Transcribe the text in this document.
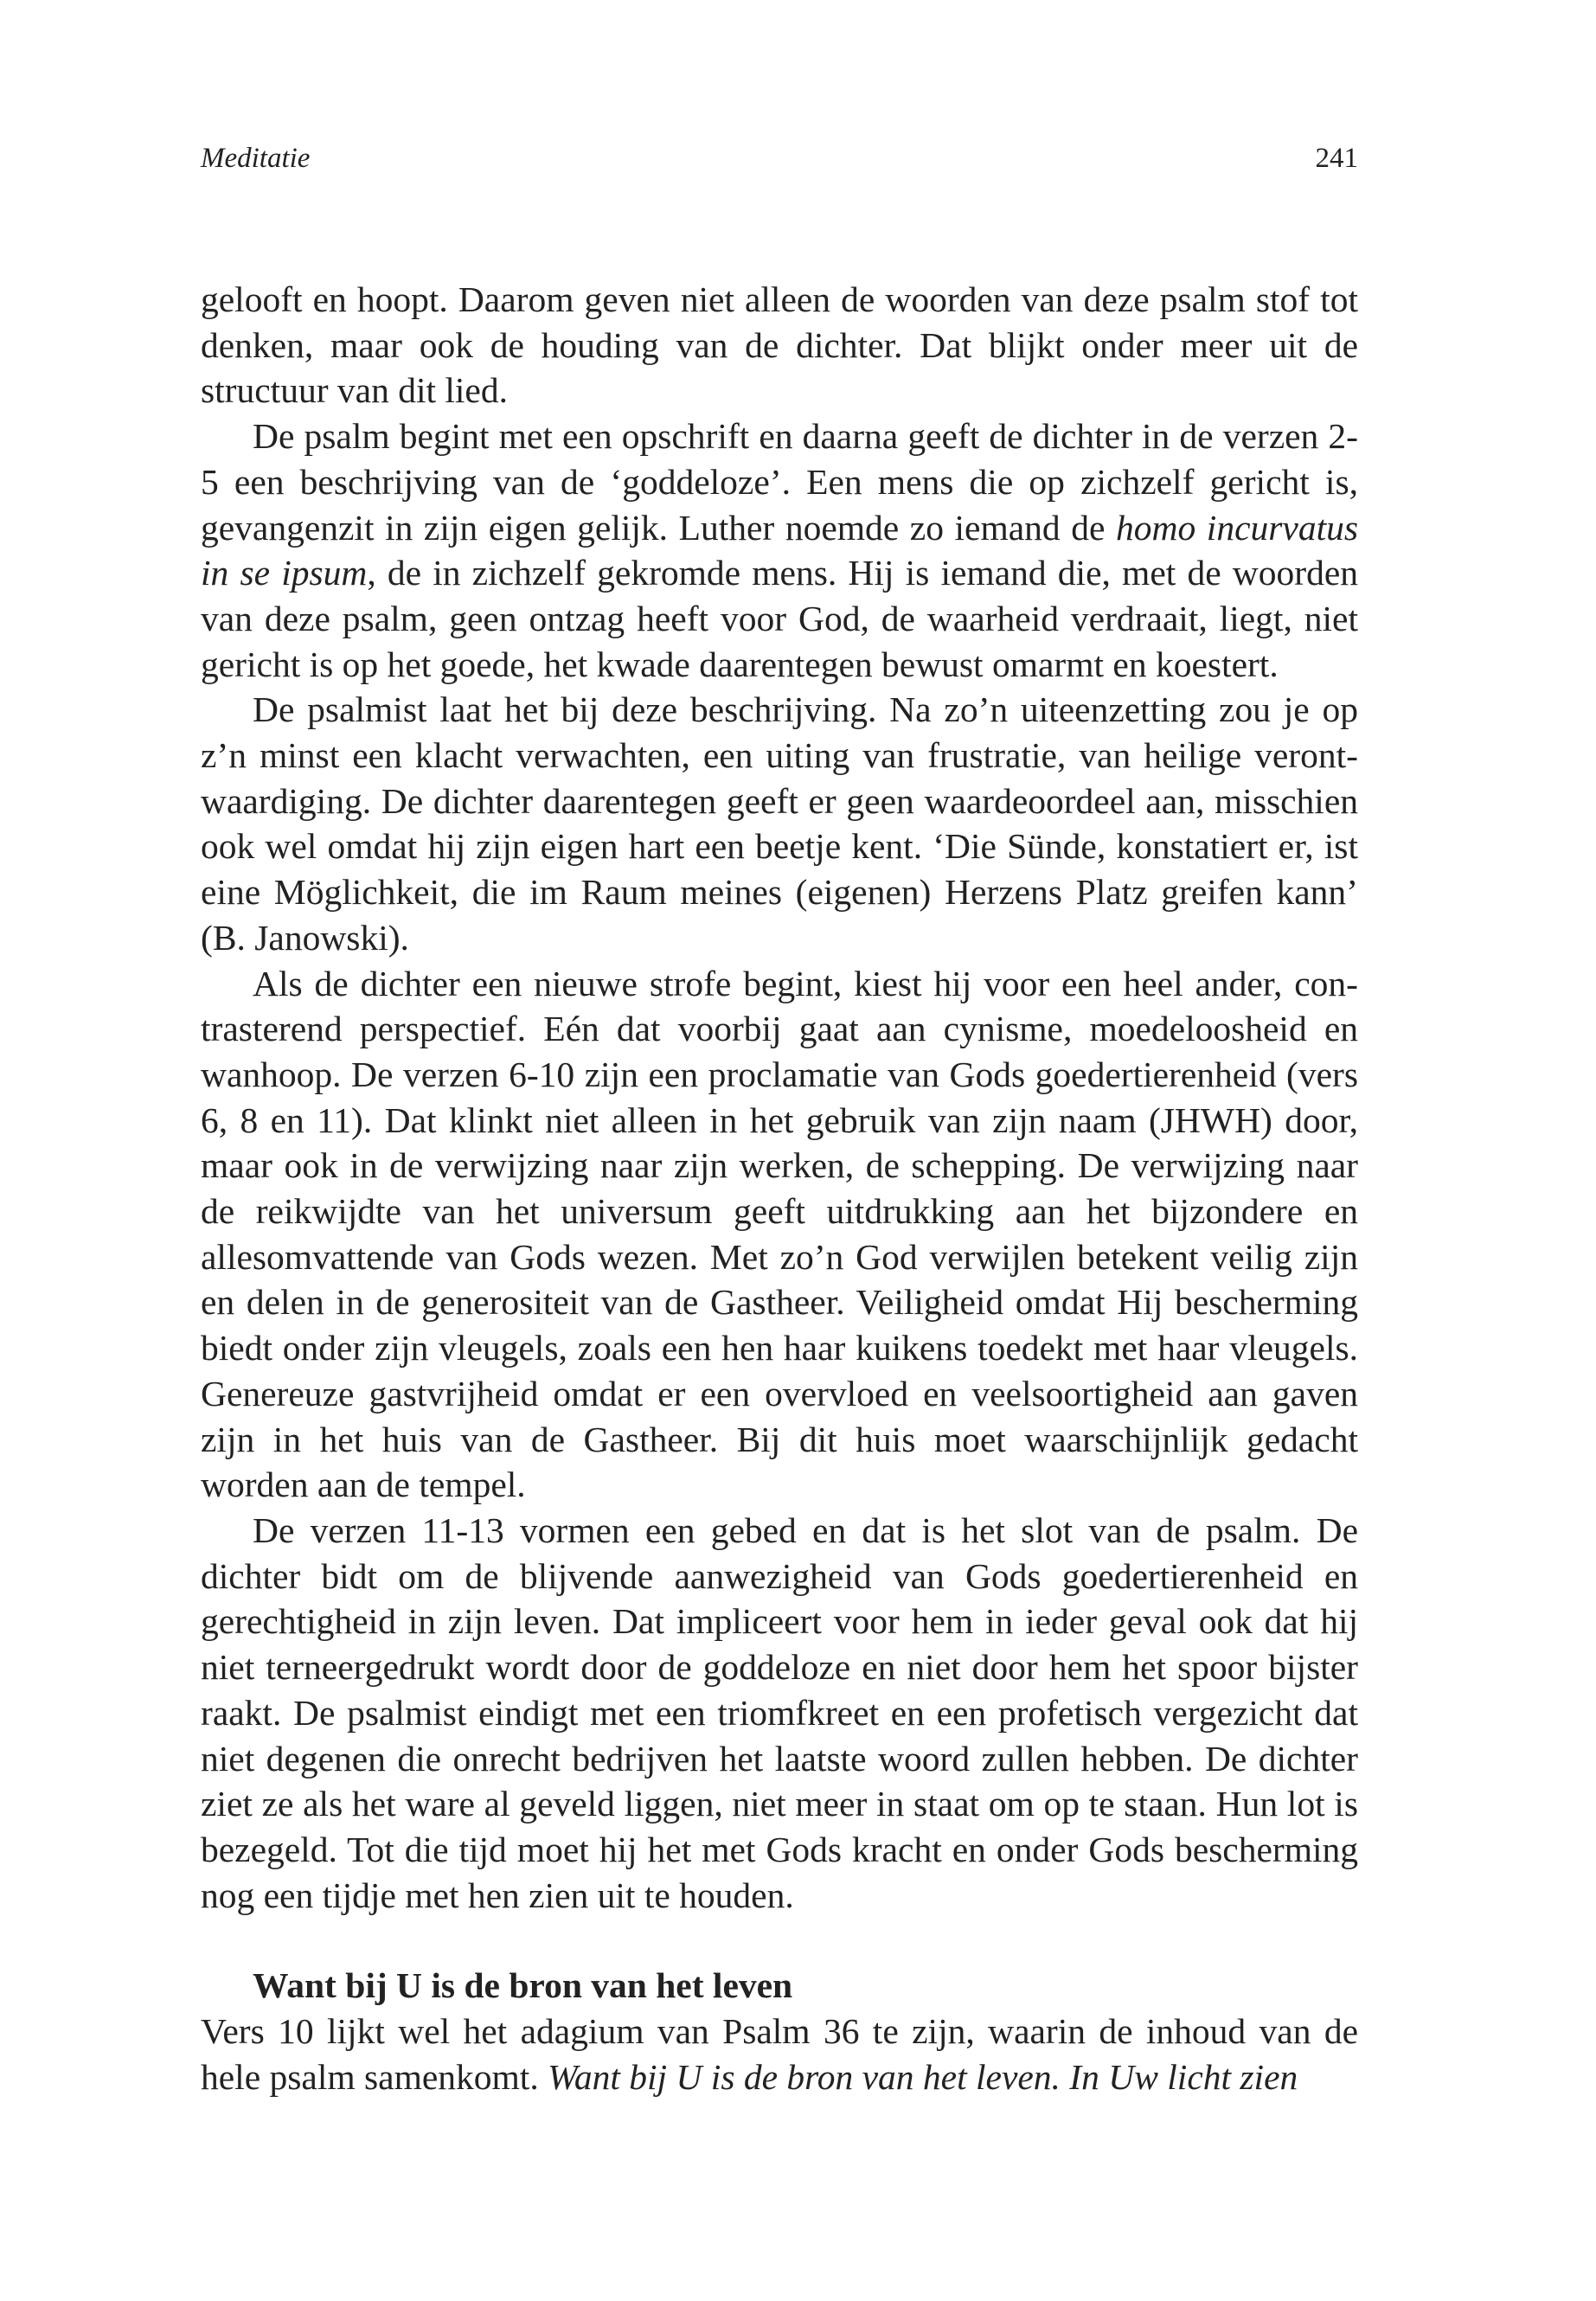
Meditatie	241

gelooft en hoopt. Daarom geven niet alleen de woorden van deze psalm stof tot denken, maar ook de houding van de dichter. Dat blijkt onder meer uit de structuur van dit lied.

De psalm begint met een opschrift en daarna geeft de dichter in de verzen 2-5 een beschrijving van de ‘goddeloze’. Een mens die op zichzelf gericht is, gevangenzit in zijn eigen gelijk. Luther noemde zo iemand de homo incurvatus in se ipsum, de in zichzelf gekromde mens. Hij is iemand die, met de woorden van deze psalm, geen ontzag heeft voor God, de waarheid verdraait, liegt, niet gericht is op het goede, het kwade daarentegen bewust omarmt en koestert.

De psalmist laat het bij deze beschrijving. Na zo’n uiteenzetting zou je op z’n minst een klacht verwachten, een uiting van frustratie, van heilige verontwaardiging. De dichter daarentegen geeft er geen waardeoordeel aan, misschien ook wel omdat hij zijn eigen hart een beetje kent. ‘Die Sünde, konstatiert er, ist eine Möglichkeit, die im Raum meines (eigenen) Herzens Platz greifen kann’ (B. Janowski).

Als de dichter een nieuwe strofe begint, kiest hij voor een heel ander, contrasterend perspectief. Eén dat voorbij gaat aan cynisme, moedeloosheid en wanhoop. De verzen 6-10 zijn een proclamatie van Gods goedertierenheid (vers 6, 8 en 11). Dat klinkt niet alleen in het gebruik van zijn naam (JHWH) door, maar ook in de verwijzing naar zijn werken, de schepping. De verwijzing naar de reikwijdte van het universum geeft uitdrukking aan het bijzondere en allesomvattende van Gods wezen. Met zo’n God verwijlen betekent veilig zijn en delen in de generositeit van de Gastheer. Veiligheid omdat Hij bescherming biedt onder zijn vleugels, zoals een hen haar kuikens toedekt met haar vleugels. Genereuze gastvrijheid omdat er een overvloed en veelsoortigheid aan gaven zijn in het huis van de Gastheer. Bij dit huis moet waarschijnlijk gedacht worden aan de tempel.

De verzen 11-13 vormen een gebed en dat is het slot van de psalm. De dichter bidt om de blijvende aanwezigheid van Gods goedertierenheid en gerechtigheid in zijn leven. Dat impliceert voor hem in ieder geval ook dat hij niet terneergedrukt wordt door de goddeloze en niet door hem het spoor bijster raakt. De psalmist eindigt met een triomfkreet en een profetisch vergezicht dat niet degenen die onrecht bedrijven het laatste woord zullen hebben. De dichter ziet ze als het ware al geveld liggen, niet meer in staat om op te staan. Hun lot is bezegeld. Tot die tijd moet hij het met Gods kracht en onder Gods bescherming nog een tijdje met hen zien uit te houden.

Want bij U is de bron van het leven

Vers 10 lijkt wel het adagium van Psalm 36 te zijn, waarin de inhoud van de hele psalm samenkomt. Want bij U is de bron van het leven. In Uw licht zien
